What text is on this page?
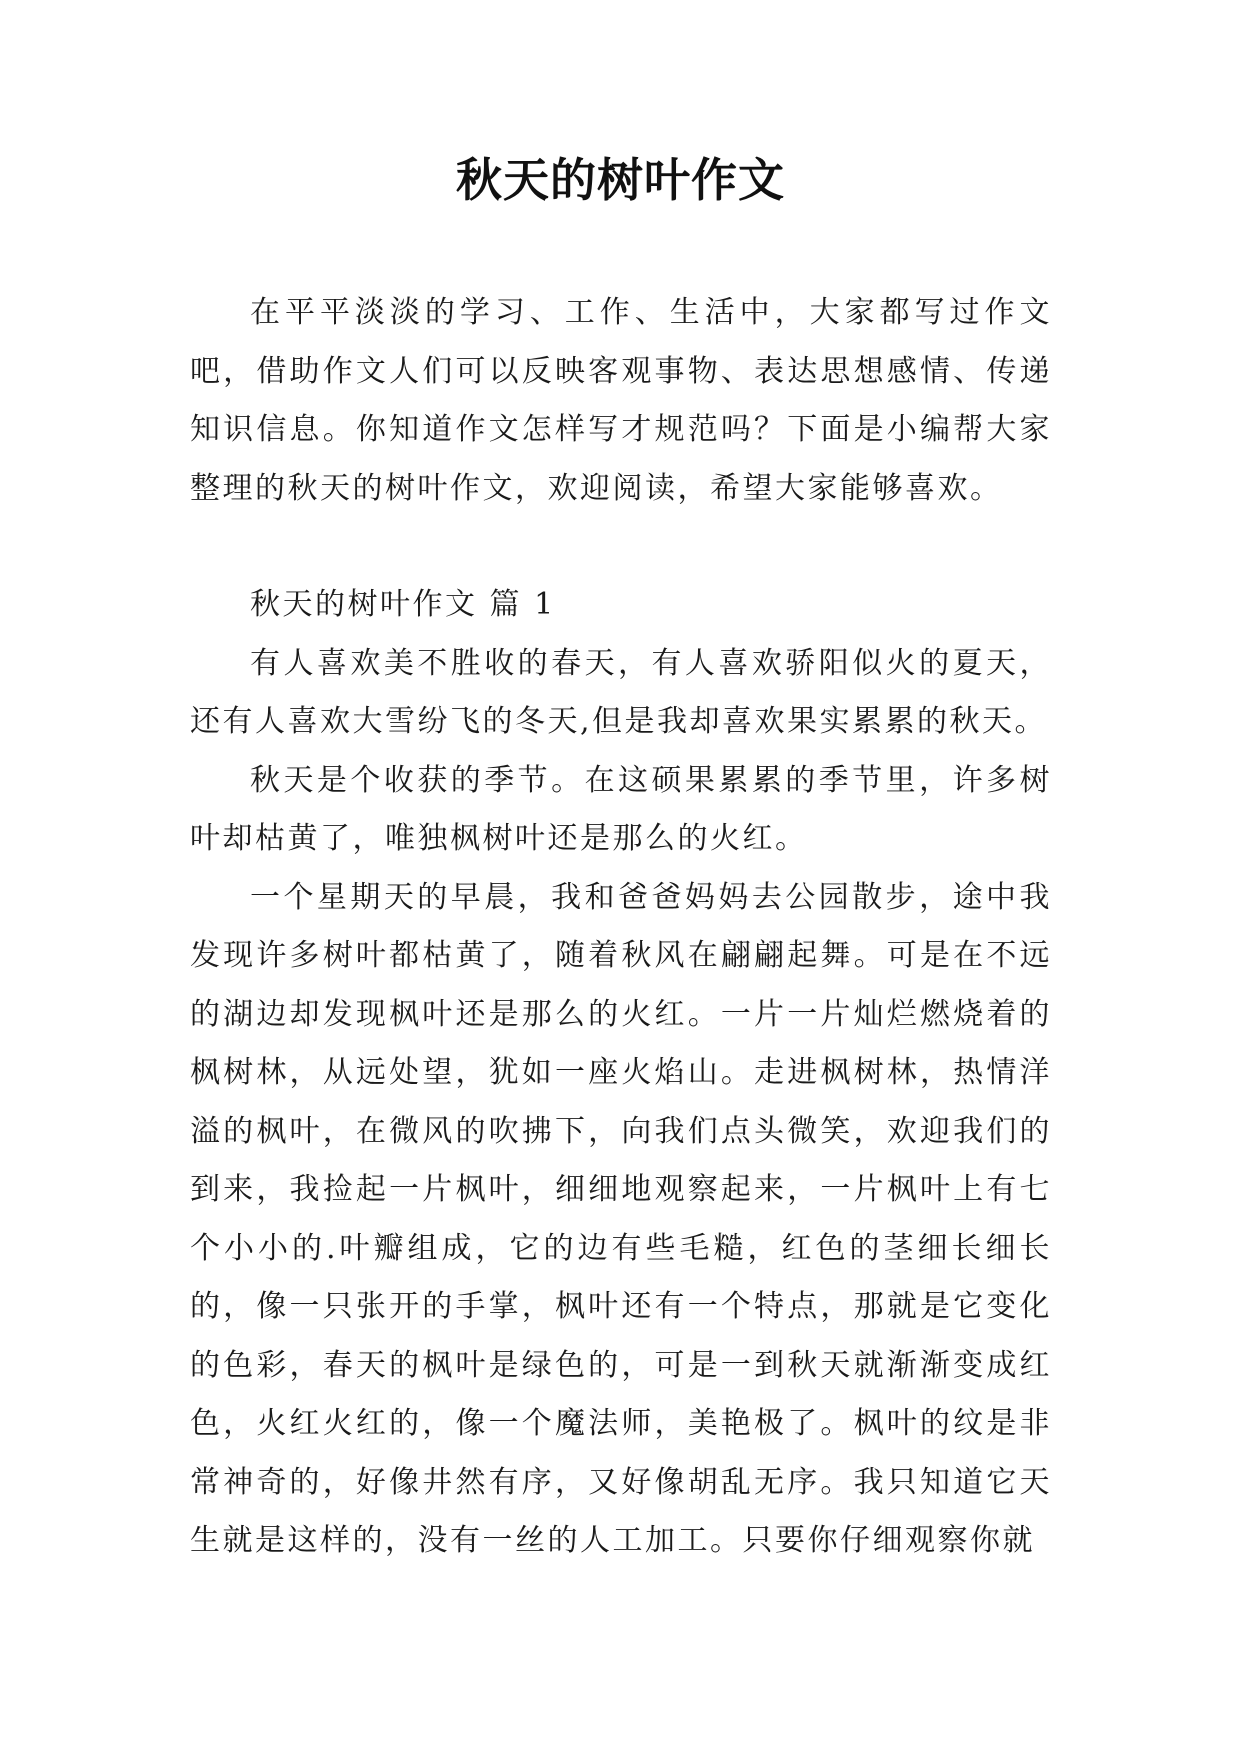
秋天的树叶作文

在平平淡淡的学习、工作、生活中，大家都写过作文吧，借助作文人们可以反映客观事物、表达思想感情、传递知识信息。你知道作文怎样写才规范吗？下面是小编帮大家整理的秋天的树叶作文，欢迎阅读，希望大家能够喜欢。

秋天的树叶作文 篇 1

有人喜欢美不胜收的春天，有人喜欢骄阳似火的夏天，还有人喜欢大雪纷飞的冬天,但是我却喜欢果实累累的秋天。

秋天是个收获的季节。在这硕果累累的季节里，许多树叶却枯黄了，唯独枫树叶还是那么的火红。

一个星期天的早晨，我和爸爸妈妈去公园散步，途中我发现许多树叶都枯黄了，随着秋风在翩翩起舞。可是在不远的湖边却发现枫叶还是那么的火红。一片一片灿烂燃烧着的枫树林，从远处望，犹如一座火焰山。走进枫树林，热情洋溢的枫叶，在微风的吹拂下，向我们点头微笑，欢迎我们的到来，我捡起一片枫叶，细细地观察起来，一片枫叶上有七个小小的.叶瓣组成，它的边有些毛糙，红色的茎细长细长的，像一只张开的手掌，枫叶还有一个特点，那就是它变化的色彩，春天的枫叶是绿色的，可是一到秋天就渐渐变成红色，火红火红的，像一个魔法师，美艳极了。枫叶的纹是非常神奇的，好像井然有序，又好像胡乱无序。我只知道它天生就是这样的，没有一丝的人工加工。只要你仔细观察你就
